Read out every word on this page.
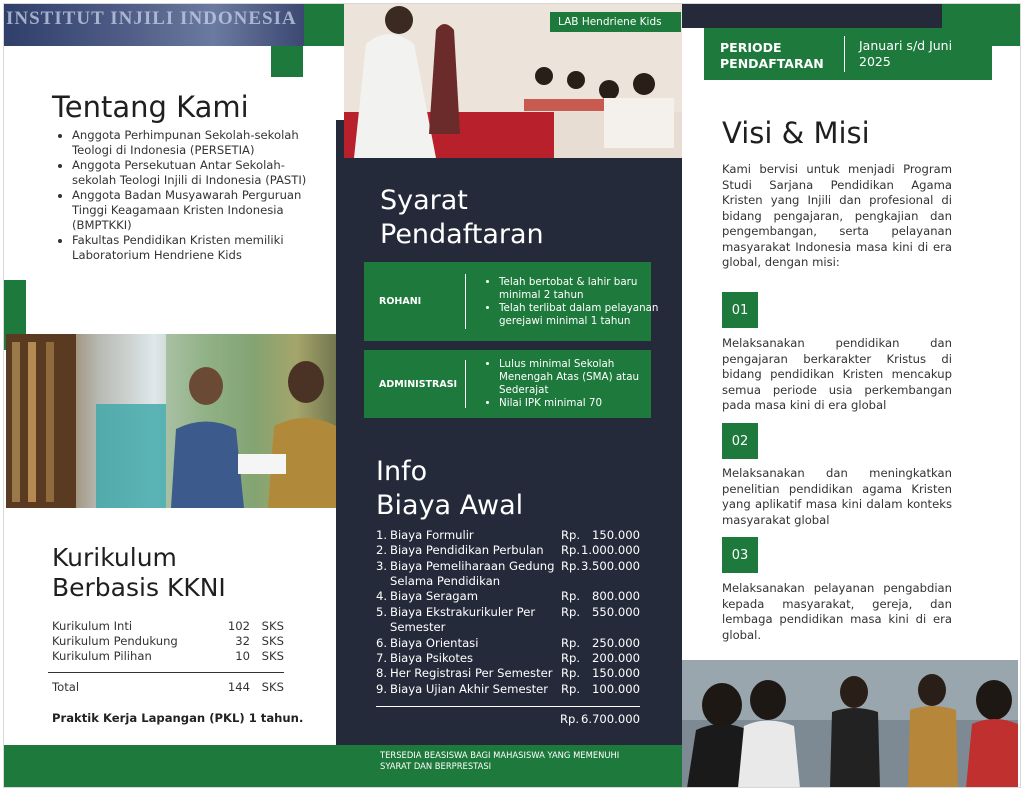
INSTITUT INJILI INDONESIA
Tentang Kami
• Anggota Perhimpunan Sekolah-sekolah Teologi di Indonesia (PERSETIA)
• Anggota Persekutuan Antar Sekolah-sekolah Teologi Injili di Indonesia (PASTI)
• Anggota Badan Musyawarah Perguruan Tinggi Keagamaan Kristen Indonesia (BMPTKKI)
• Fakultas Pendidikan Kristen memiliki Laboratorium Hendriene Kids
Kurikulum
Berbasis KKNI
Kurikulum Inti	102 SKS
Kurikulum Pendukung	32 SKS
Kurikulum Pilihan	10 SKS
Total	144 SKS
Praktik Kerja Lapangan (PKL) 1 tahun.
LAB Hendriene Kids
Syarat
Pendaftaran
ROHANI
• Telah bertobat & lahir baru minimal 2 tahun
• Telah terlibat dalam pelayanan gerejawi minimal 1 tahun
ADMINISTRASI
• Lulus minimal Sekolah Menengah Atas (SMA) atau Sederajat
• Nilai IPK minimal 70
Info
Biaya Awal
1. Biaya Formulir	Rp. 150.000
2. Biaya Pendidikan Perbulan	Rp. 1.000.000
3. Biaya Pemeliharaan Gedung Selama Pendidikan
Rp. 3.500.000
4. Biaya Seragam	Rp. 800.000
5. Biaya Ekstrakurikuler Per Semester
Rp. 550.000
6. Biaya Orientasi	Rp. 250.000
7. Biaya Psikotes	Rp. 200.000
8. Her Registrasi Per Semester Rp. 150.000
9. Biaya Ujian Akhir Semester	Rp. 100.000
Rp. 6.700.000
TERSEDIA BEASISWA BAGI MAHASISWA YANG MEMENUHI SYARAT DAN BERPRESTASI
PERIODE
PENDAFTARAN
Januari s/d Juni
2025
Visi & Misi

Kami bervisi untuk menjadi Program Studi Sarjana Pendidikan Agama Kristen yang Injili dan profesional di bidang pengajaran, pengkajian dan pengembangan, serta pelayanan masyarakat Indonesia masa kini di era global, dengan misi:

01

Melaksanakan pendidikan dan pengajaran berkarakter Kristus di bidang pendidikan Kristen mencakup semua periode usia perkembangan pada masa kini di era global

02

Melaksanakan dan meningkatkan penelitian pendidikan agama Kristen yang aplikatif masa kini dalam konteks masyarakat global

03

Melaksanakan pelayanan pengabdian kepada masyarakat, gereja, dan lembaga pendidikan masa kini di era global.
